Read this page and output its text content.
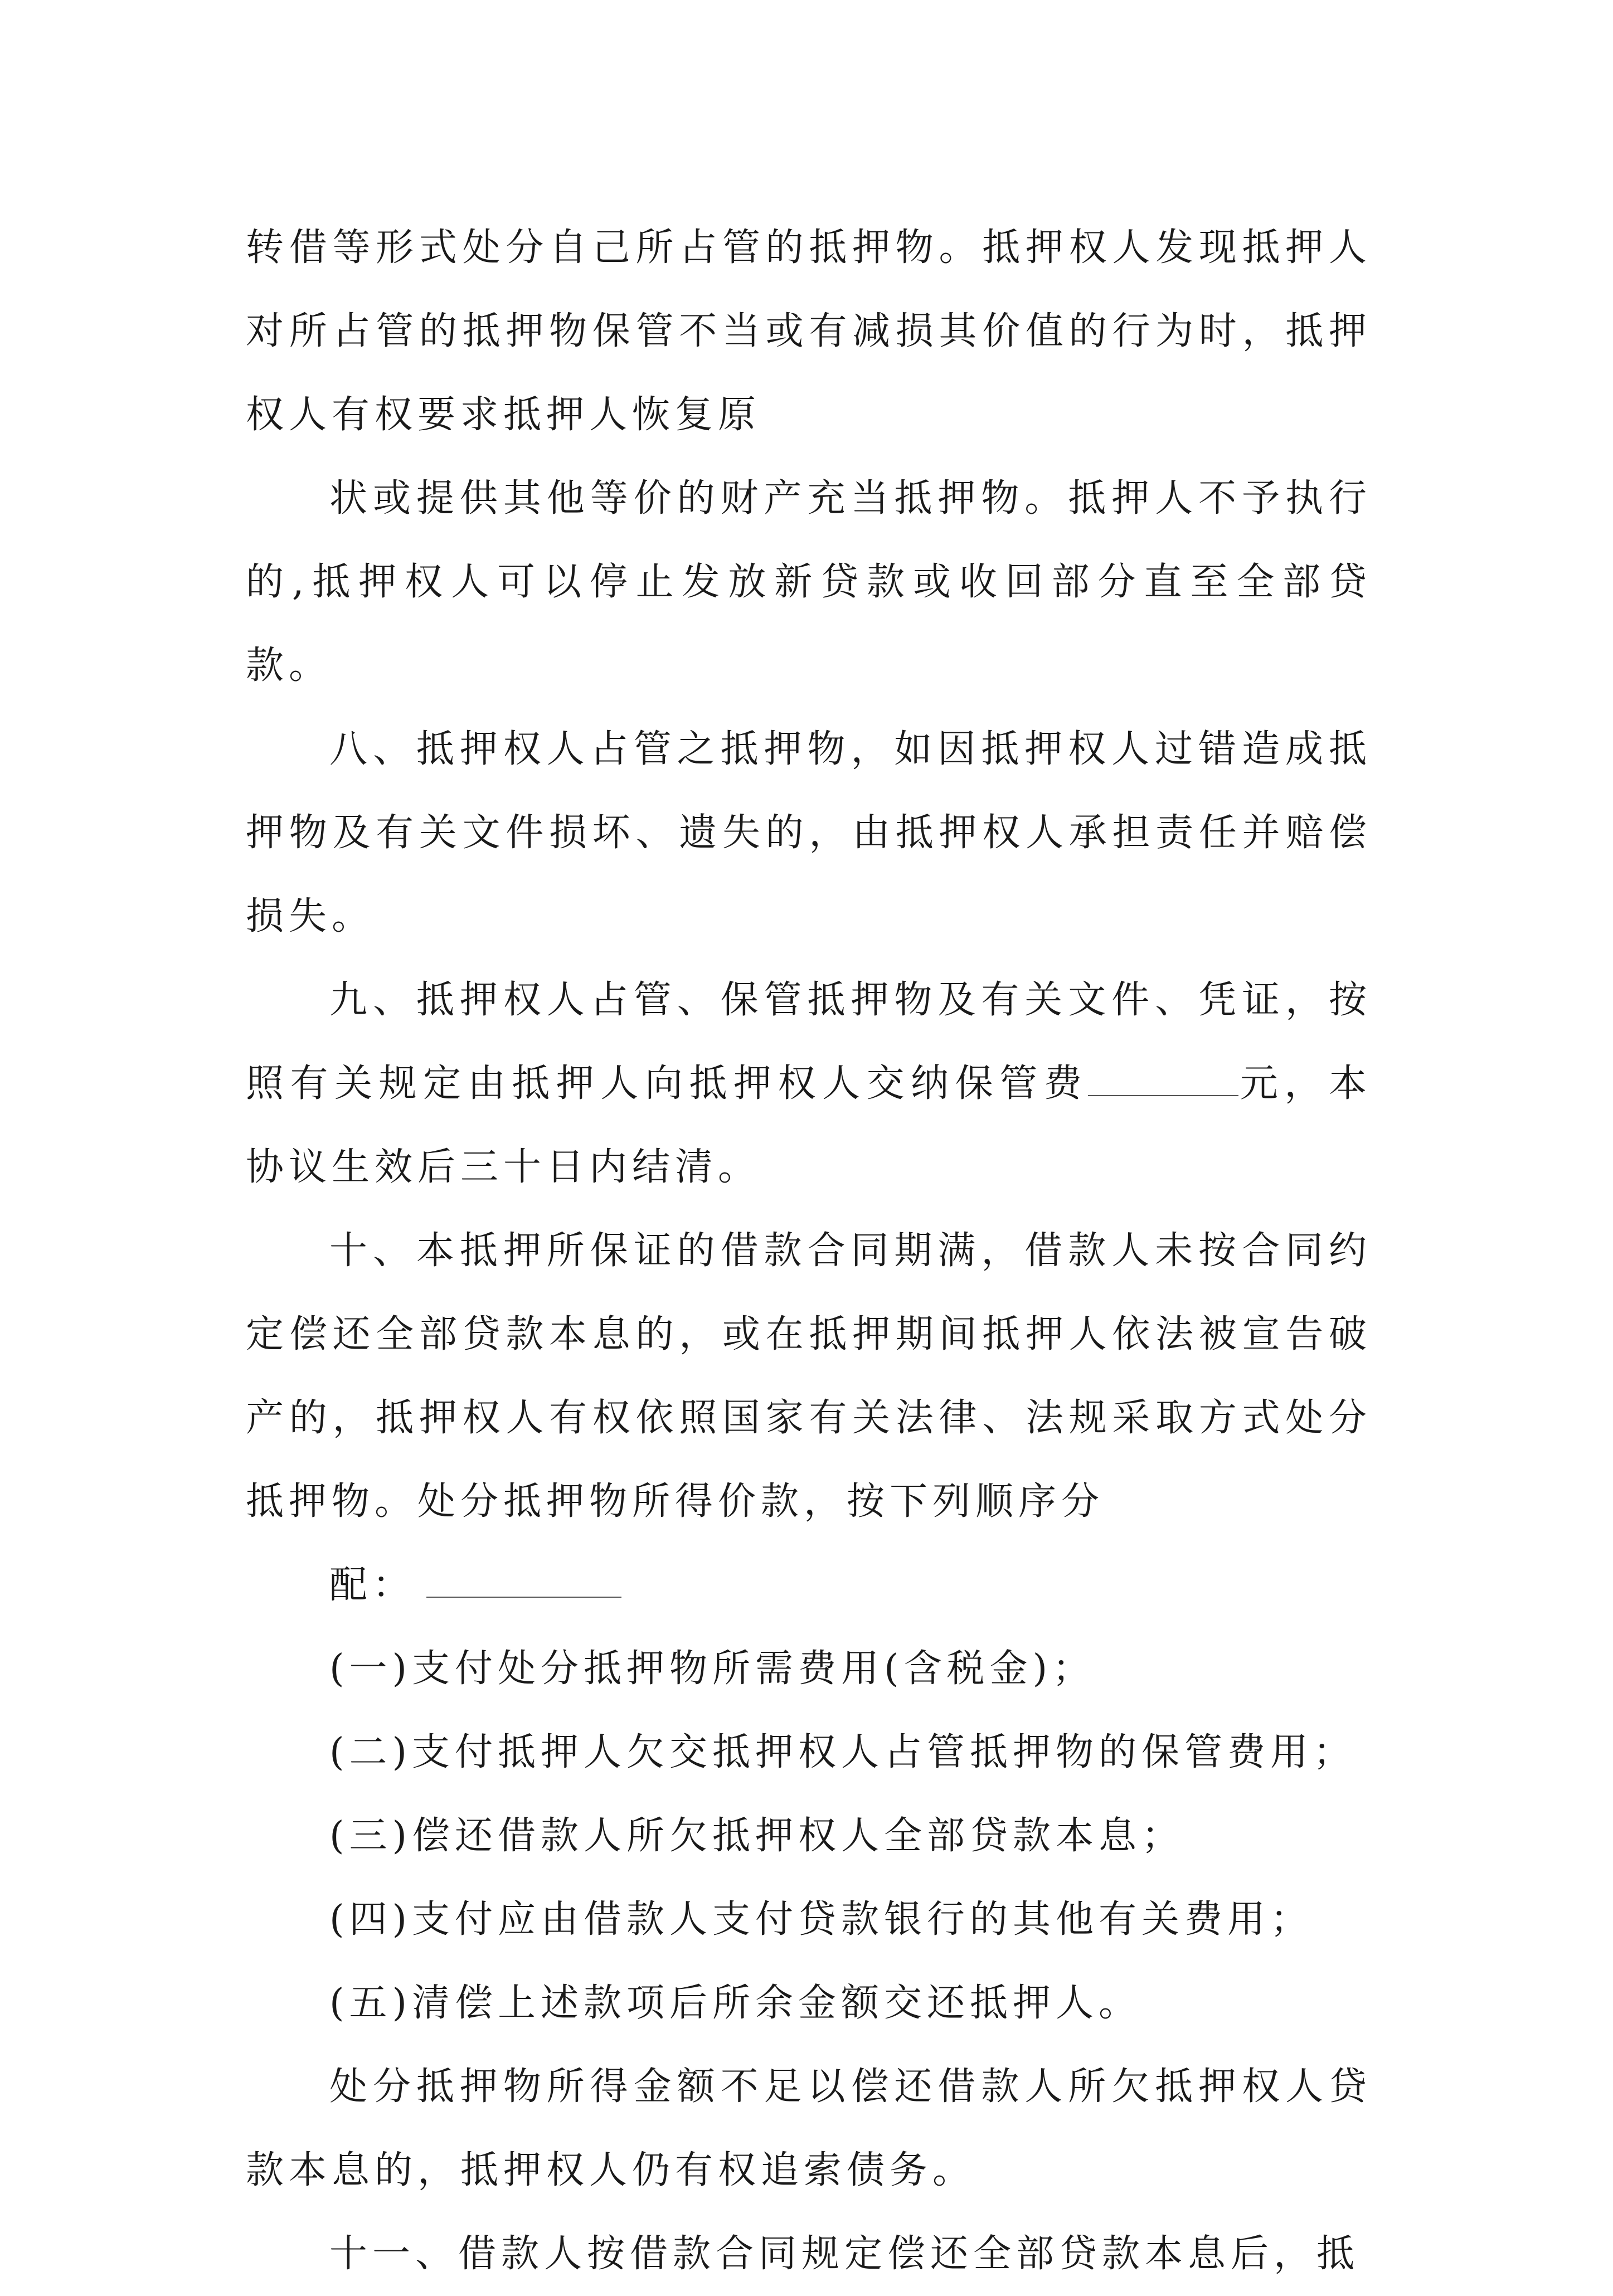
转借等形式处分自己所占管的抵押物。抵押权人发现抵押人对所占管的抵押物保管不当或有减损其价值的行为时，抵押权人有权要求抵押人恢复原

状或提供其他等价的财产充当抵押物。抵押人不予执行的,抵押权人可以停止发放新贷款或收回部分直至全部贷款。

八、抵押权人占管之抵押物，如因抵押权人过错造成抵押物及有关文件损坏、遗失的，由抵押权人承担责任并赔偿损失。

九、抵押权人占管、保管抵押物及有关文件、凭证，按照有关规定由抵押人向抵押权人交纳保管费	元，本协议生效后三十日内结清。

十、本抵押所保证的借款合同期满，借款人未按合同约定偿还全部贷款本息的，或在抵押期间抵押人依法被宣告破产的，抵押权人有权依照国家有关法律、法规采取方式处分抵押物。处分抵押物所得价款，按下列顺序分

配：

(一)支付处分抵押物所需费用(含税金)；

(二)支付抵押人欠交抵押权人占管抵押物的保管费用；

(三)偿还借款人所欠抵押权人全部贷款本息；

(四)支付应由借款人支付贷款银行的其他有关费用；

(五)清偿上述款项后所余金额交还抵押人。

处分抵押物所得金额不足以偿还借款人所欠抵押权人贷款本息的，抵押权人仍有权追索债务。

十一、借款人按借款合同规定偿还全部贷款本息后，抵
